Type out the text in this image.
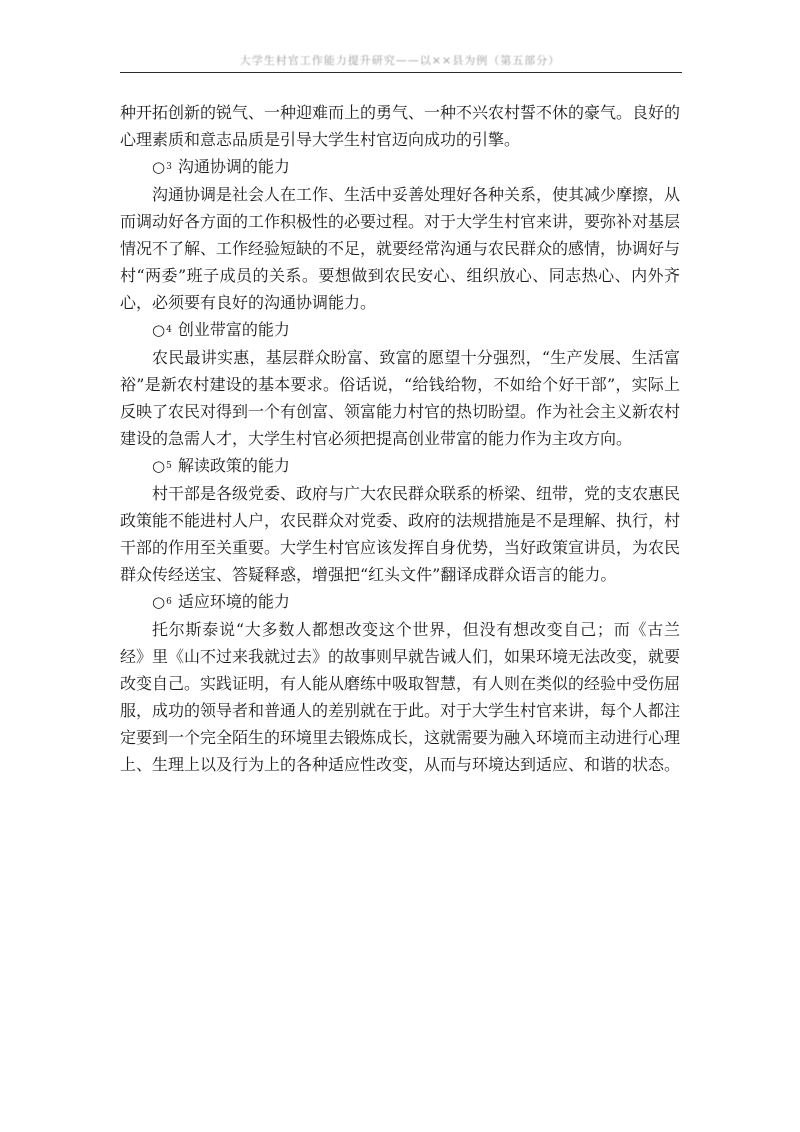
大学生村官工作能力提升研究——以××县为例（第五部分）

种开拓创新的锐气、一种迎难而上的勇气、一种不兴农村誓不休的豪气。良好的心理素质和意志品质是引导大学生村官迈向成功的引擎。

○3 沟通协调的能力

沟通协调是社会人在工作、生活中妥善处理好各种关系，使其减少摩擦，从而调动好各方面的工作积极性的必要过程。对于大学生村官来讲，要弥补对基层情况不了解、工作经验短缺的不足，就要经常沟通与农民群众的感情，协调好与村“两委”班子成员的关系。要想做到农民安心、组织放心、同志热心、内外齐心，必须要有良好的沟通协调能力。

○4 创业带富的能力

农民最讲实惠，基层群众盼富、致富的愿望十分强烈，“生产发展、生活富裕”是新农村建设的基本要求。俗话说，“给钱给物，不如给个好干部”，实际上反映了农民对得到一个有创富、领富能力村官的热切盼望。作为社会主义新农村建设的急需人才，大学生村官必须把提高创业带富的能力作为主攻方向。

○5 解读政策的能力

村干部是各级党委、政府与广大农民群众联系的桥梁、纽带，党的支农惠民政策能不能进村人户，农民群众对党委、政府的法规措施是不是理解、执行，村干部的作用至关重要。大学生村官应该发挥自身优势，当好政策宣讲员，为农民群众传经送宝、答疑释惑，增强把“红头文件”翻译成群众语言的能力。

○6 适应环境的能力

托尔斯泰说“大多数人都想改变这个世界，但没有想改变自己；而《古兰经》里《山不过来我就过去》的故事则早就告诫人们，如果环境无法改变，就要改变自己。实践证明，有人能从磨练中吸取智慧，有人则在类似的经验中受伤屈服，成功的领导者和普通人的差别就在于此。对于大学生村官来讲，每个人都注定要到一个完全陌生的环境里去锻炼成长，这就需要为融入环境而主动进行心理上、生理上以及行为上的各种适应性改变，从而与环境达到适应、和谐的状态。
